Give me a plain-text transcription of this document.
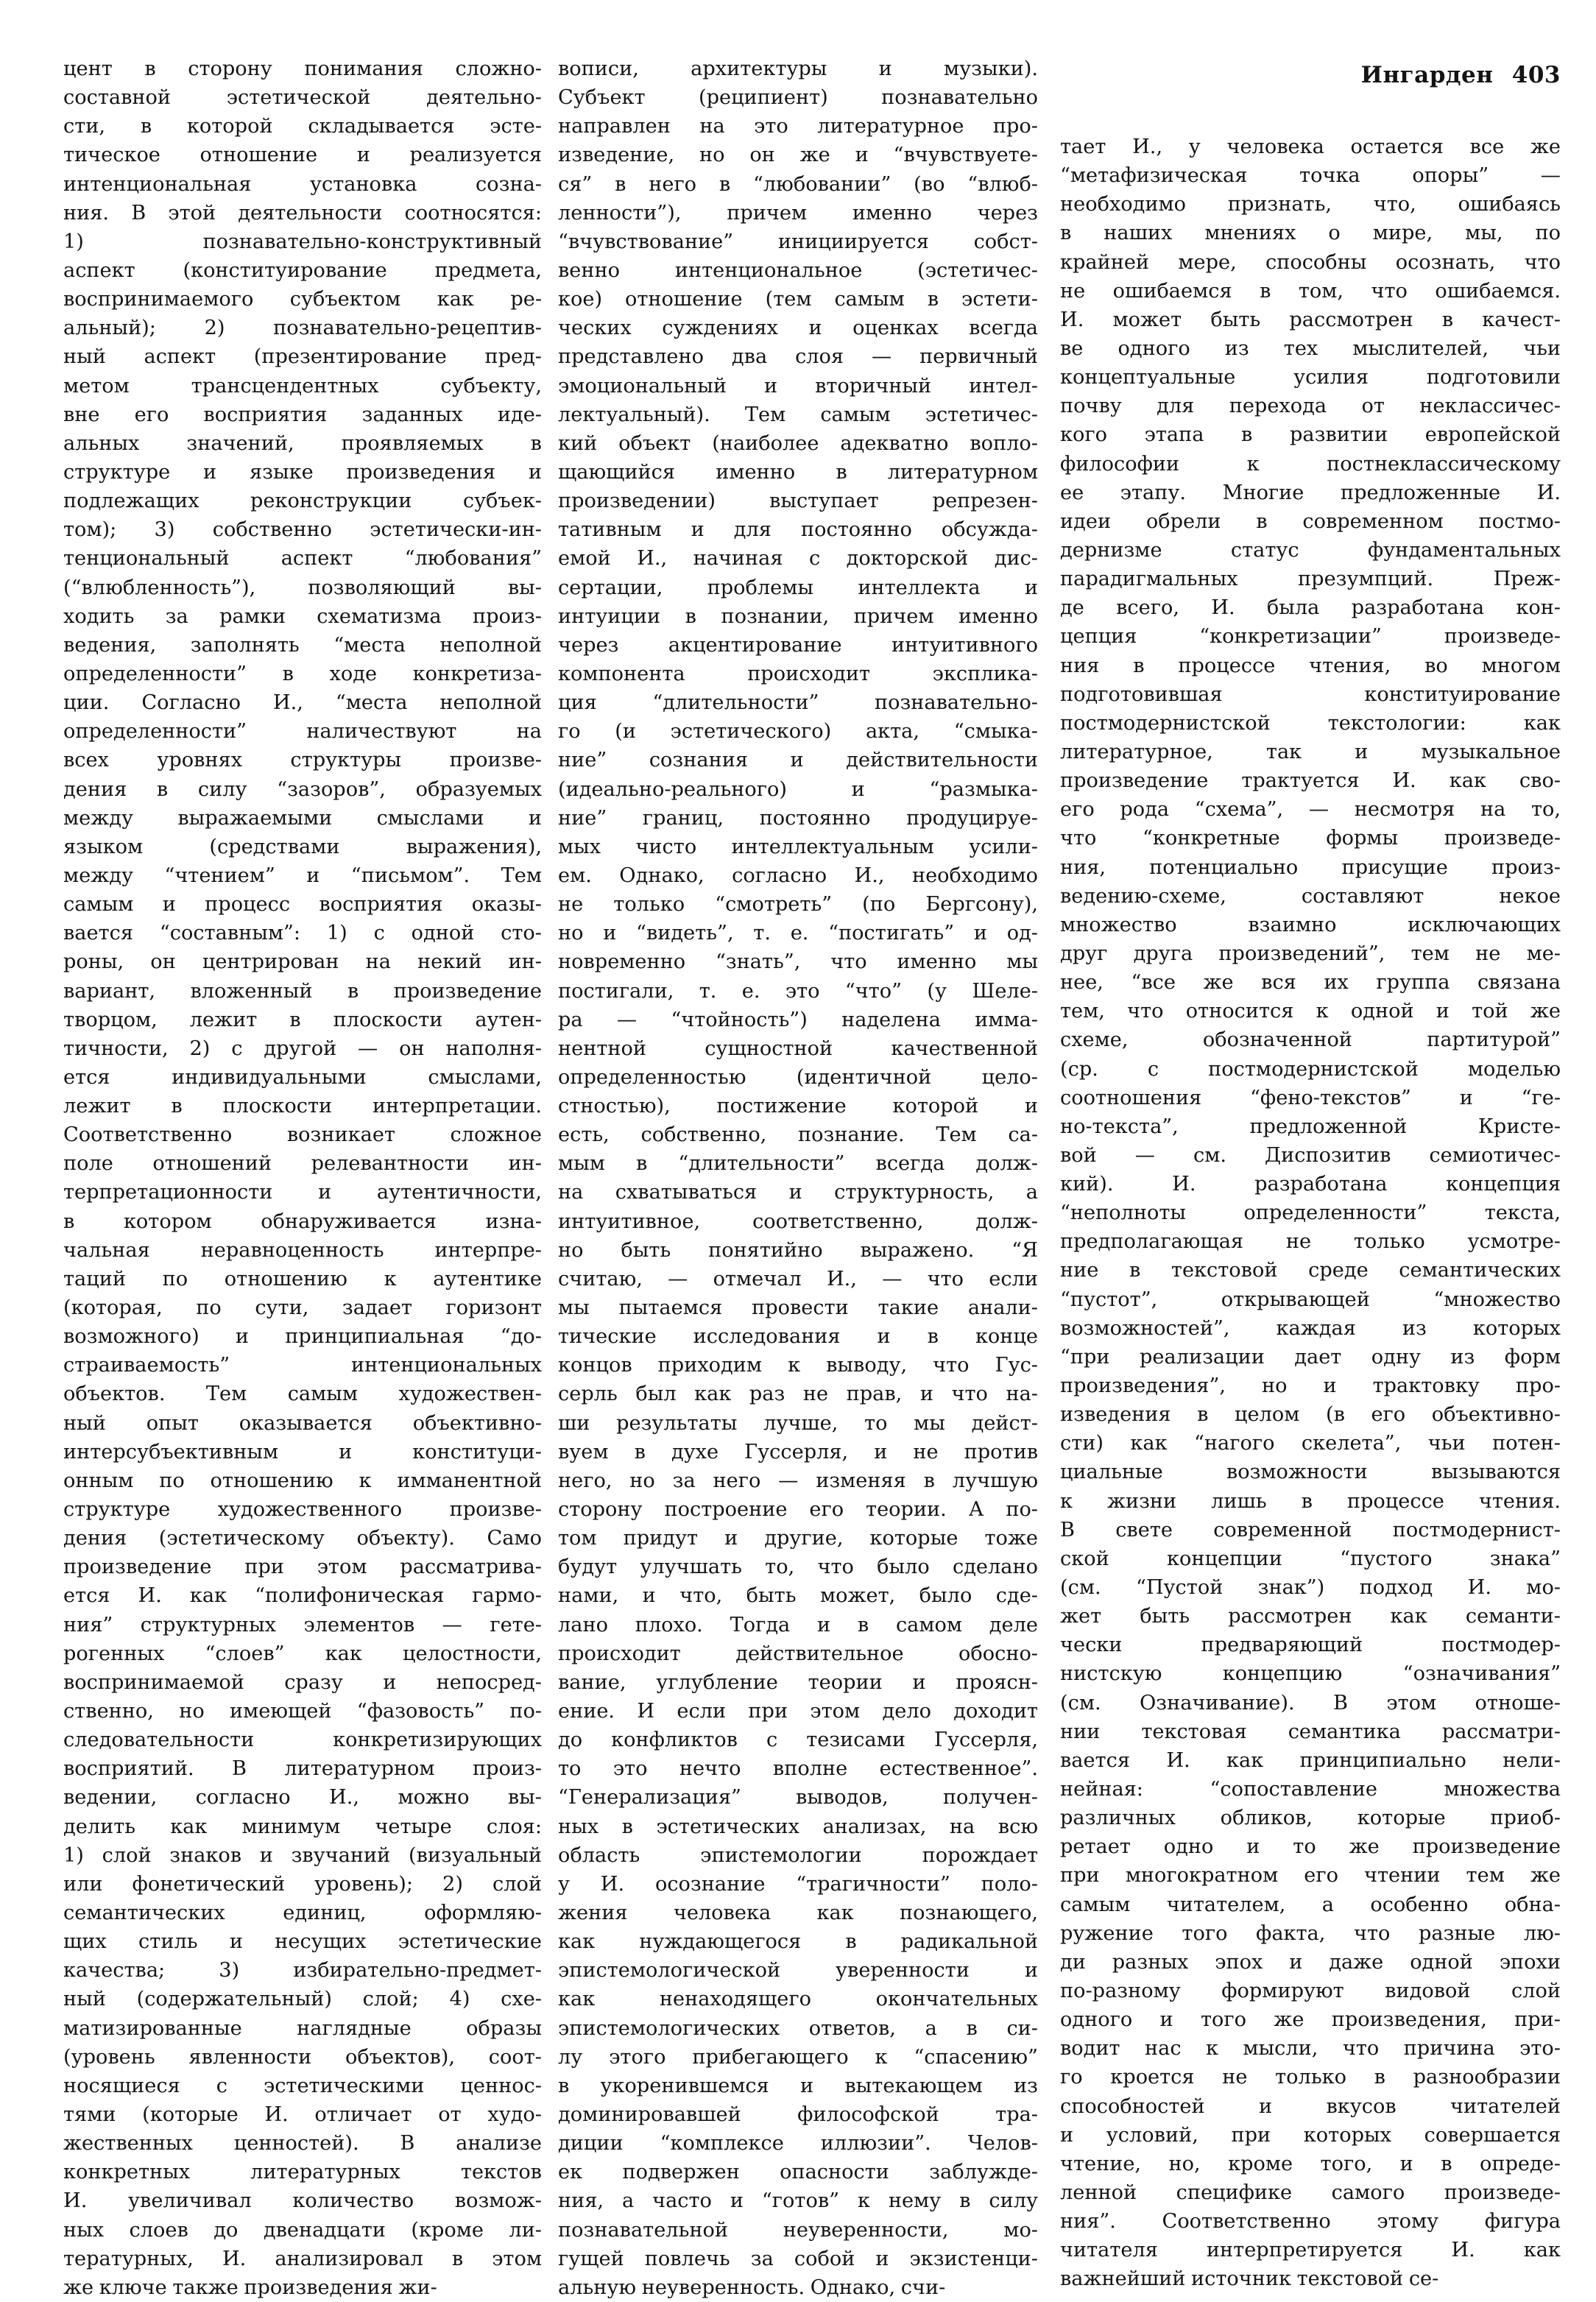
Ингарден 403
цент в сторону понимания сложно-
составной эстетической деятельно-
сти, в которой складывается эсте-
тическое отношение и реализуется
интенциональная установка созна-
ния. В этой деятельности соотносятся:
1) познавательно-конструктивный
аспект (конституирование предмета,
воспринимаемого субъектом как ре-
альный); 2) познавательно-рецептив-
ный аспект (презентирование пред-
метом трансцендентных субъекту,
вне его восприятия заданных иде-
альных значений, проявляемых в
структуре и языке произведения и
подлежащих реконструкции субъек-
том); 3) собственно эстетически-ин-
тенциональный аспект “любования”
(“влюбленность”), позволяющий вы-
ходить за рамки схематизма произ-
ведения, заполнять “места неполной
определенности” в ходе конкретиза-
ции. Согласно И., “места неполной
определенности” наличествуют на
всех уровнях структуры произве-
дения в силу “зазоров”, образуемых
между выражаемыми смыслами и
языком (средствами выражения),
между “чтением” и “письмом”. Тем
самым и процесс восприятия оказы-
вается “составным”: 1) с одной сто-
роны, он центрирован на некий ин-
вариант, вложенный в произведение
творцом, лежит в плоскости аутен-
тичности, 2) с другой — он наполня-
ется индивидуальными смыслами,
лежит в плоскости интерпретации.
Соответственно возникает сложное
поле отношений релевантности ин-
терпретационности и аутентичности,
в котором обнаруживается изна-
чальная неравноценность интерпре-
таций по отношению к аутентике
(которая, по сути, задает горизонт
возможного) и принципиальная “до-
страиваемость” интенциональных
объектов. Тем самым художествен-
ный опыт оказывается объективно-
интерсубъективным и конституци-
онным по отношению к имманентной
структуре художественного произве-
дения (эстетическому объекту). Само
произведение при этом рассматрива-
ется И. как “полифоническая гармо-
ния” структурных элементов — гете-
рогенных “слоев” как целостности,
воспринимаемой сразу и непосред-
ственно, но имеющей “фазовость” по-
следовательности конкретизирующих
восприятий. В литературном произ-
ведении, согласно И., можно вы-
делить как минимум четыре слоя:
1) слой знаков и звучаний (визуальный
или фонетический уровень); 2) слой
семантических единиц, оформляю-
щих стиль и несущих эстетические
качества; 3) избирательно-предмет-
ный (содержательный) слой; 4) схе-
матизированные наглядные образы
(уровень явленности объектов), соот-
носящиеся с эстетическими ценнос-
тями (которые И. отличает от худо-
жественных ценностей). В анализе
конкретных литературных текстов
И. увеличивал количество возмож-
ных слоев до двенадцати (кроме ли-
тературных, И. анализировал в этом
же ключе также произведения жи-
вописи, архитектуры и музыки).
Субъект (реципиент) познавательно
направлен на это литературное про-
изведение, но он же и “вчувствуете-
ся” в него в “любовании” (во “влюб-
ленности”), причем именно через
“вчувствование” инициируется собст-
венно интенциональное (эстетичес-
кое) отношение (тем самым в эстети-
ческих суждениях и оценках всегда
представлено два слоя — первичный
эмоциональный и вторичный интел-
лектуальный). Тем самым эстетичес-
кий объект (наиболее адекватно вопло-
щающийся именно в литературном
произведении) выступает репрезен-
тативным и для постоянно обсужда-
емой И., начиная с докторской дис-
сертации, проблемы интеллекта и
интуиции в познании, причем именно
через акцентирование интуитивного
компонента происходит эксплика-
ция “длительности” познавательно-
го (и эстетического) акта, “смыка-
ние” сознания и действительности
(идеально-реального) и “размыка-
ние” границ, постоянно продуцируе-
мых чисто интеллектуальным усили-
ем. Однако, согласно И., необходимо
не только “смотреть” (по Бергсону),
но и “видеть”, т. е. “постигать” и од-
новременно “знать”, что именно мы
постигали, т. е. это “что” (у Шеле-
ра — “чтойность”) наделена имма-
нентной сущностной качественной
определенностью (идентичной цело-
стностью), постижение которой и
есть, собственно, познание. Тем са-
мым в “длительности” всегда долж-
на схватываться и структурность, а
интуитивное, соответственно, долж-
но быть понятийно выражено. “Я
считаю, — отмечал И., — что если
мы пытаемся провести такие анали-
тические исследования и в конце
концов приходим к выводу, что Гус-
серль был как раз не прав, и что на-
ши результаты лучше, то мы дейст-
вуем в духе Гуссерля, и не против
него, но за него — изменяя в лучшую
сторону построение его теории. А по-
том придут и другие, которые тоже
будут улучшать то, что было сделано
нами, и что, быть может, было сде-
лано плохо. Тогда и в самом деле
происходит действительное обосно-
вание, углубление теории и проясн-
ение. И если при этом дело доходит
до конфликтов с тезисами Гуссерля,
то это нечто вполне естественное”.
“Генерализация” выводов, получен-
ных в эстетических анализах, на всю
область эпистемологии порождает
у И. осознание “трагичности” поло-
жения человека как познающего,
как нуждающегося в радикальной
эпистемологической уверенности и
как ненаходящего окончательных
эпистемологических ответов, а в си-
лу этого прибегающего к “спасению”
в укоренившемся и вытекающем из
доминировавшей философской тра-
диции “комплексе иллюзии”. Челов-
ек подвержен опасности заблужде-
ния, а часто и “готов” к нему в силу
познавательной неуверенности, мо-
гущей повлечь за собой и экзистенци-
альную неуверенность. Однако, счи-
тает И., у человека остается все же
“метафизическая точка опоры” —
необходимо признать, что, ошибаясь
в наших мнениях о мире, мы, по
крайней мере, способны осознать, что
не ошибаемся в том, что ошибаемся.
И. может быть рассмотрен в качест-
ве одного из тех мыслителей, чьи
концептуальные усилия подготовили
почву для перехода от неклассичес-
кого этапа в развитии европейской
философии к постнеклассическому
ее этапу. Многие предложенные И.
идеи обрели в современном постмо-
дернизме статус фундаментальных
парадигмальных презумпций. Преж-
де всего, И. была разработана кон-
цепция “конкретизации” произведе-
ния в процессе чтения, во многом
подготовившая конституирование
постмодернистской текстологии: как
литературное, так и музыкальное
произведение трактуется И. как сво-
его рода “схема”, — несмотря на то,
что “конкретные формы произведе-
ния, потенциально присущие произ-
ведению-схеме, составляют некое
множество взаимно исключающих
друг друга произведений”, тем не ме-
нее, “все же вся их группа связана
тем, что относится к одной и той же
схеме, обозначенной партитурой”
(ср. с постмодернистской моделью
соотношения “фено-текстов” и “ге-
но-текста”, предложенной Кристе-
вой — см. Диспозитив семиотичес-
кий). И. разработана концепция
“неполноты определенности” текста,
предполагающая не только усмотре-
ние в текстовой среде семантических
“пустот”, открывающей “множество
возможностей”, каждая из которых
“при реализации дает одну из форм
произведения”, но и трактовку про-
изведения в целом (в его объективно-
сти) как “нагого скелета”, чьи потен-
циальные возможности вызываются
к жизни лишь в процессе чтения.
В свете современной постмодернист-
ской концепции “пустого знака”
(см. “Пустой знак”) подход И. мо-
жет быть рассмотрен как семанти-
чески предваряющий постмодер-
нистскую концепцию “означивания”
(см. Означивание). В этом отноше-
нии текстовая семантика рассматри-
вается И. как принципиально нели-
нейная: “сопоставление множества
различных обликов, которые приоб-
ретает одно и то же произведение
при многократном его чтении тем же
самым читателем, а особенно обна-
ружение того факта, что разные лю-
ди разных эпох и даже одной эпохи
по-разному формируют видовой слой
одного и того же произведения, при-
водит нас к мысли, что причина это-
го кроется не только в разнообразии
способностей и вкусов читателей
и условий, при которых совершается
чтение, но, кроме того, и в опреде-
ленной специфике самого произведе-
ния”. Соответственно этому фигура
читателя интерпретируется И. как
важнейший источник текстовой се-
